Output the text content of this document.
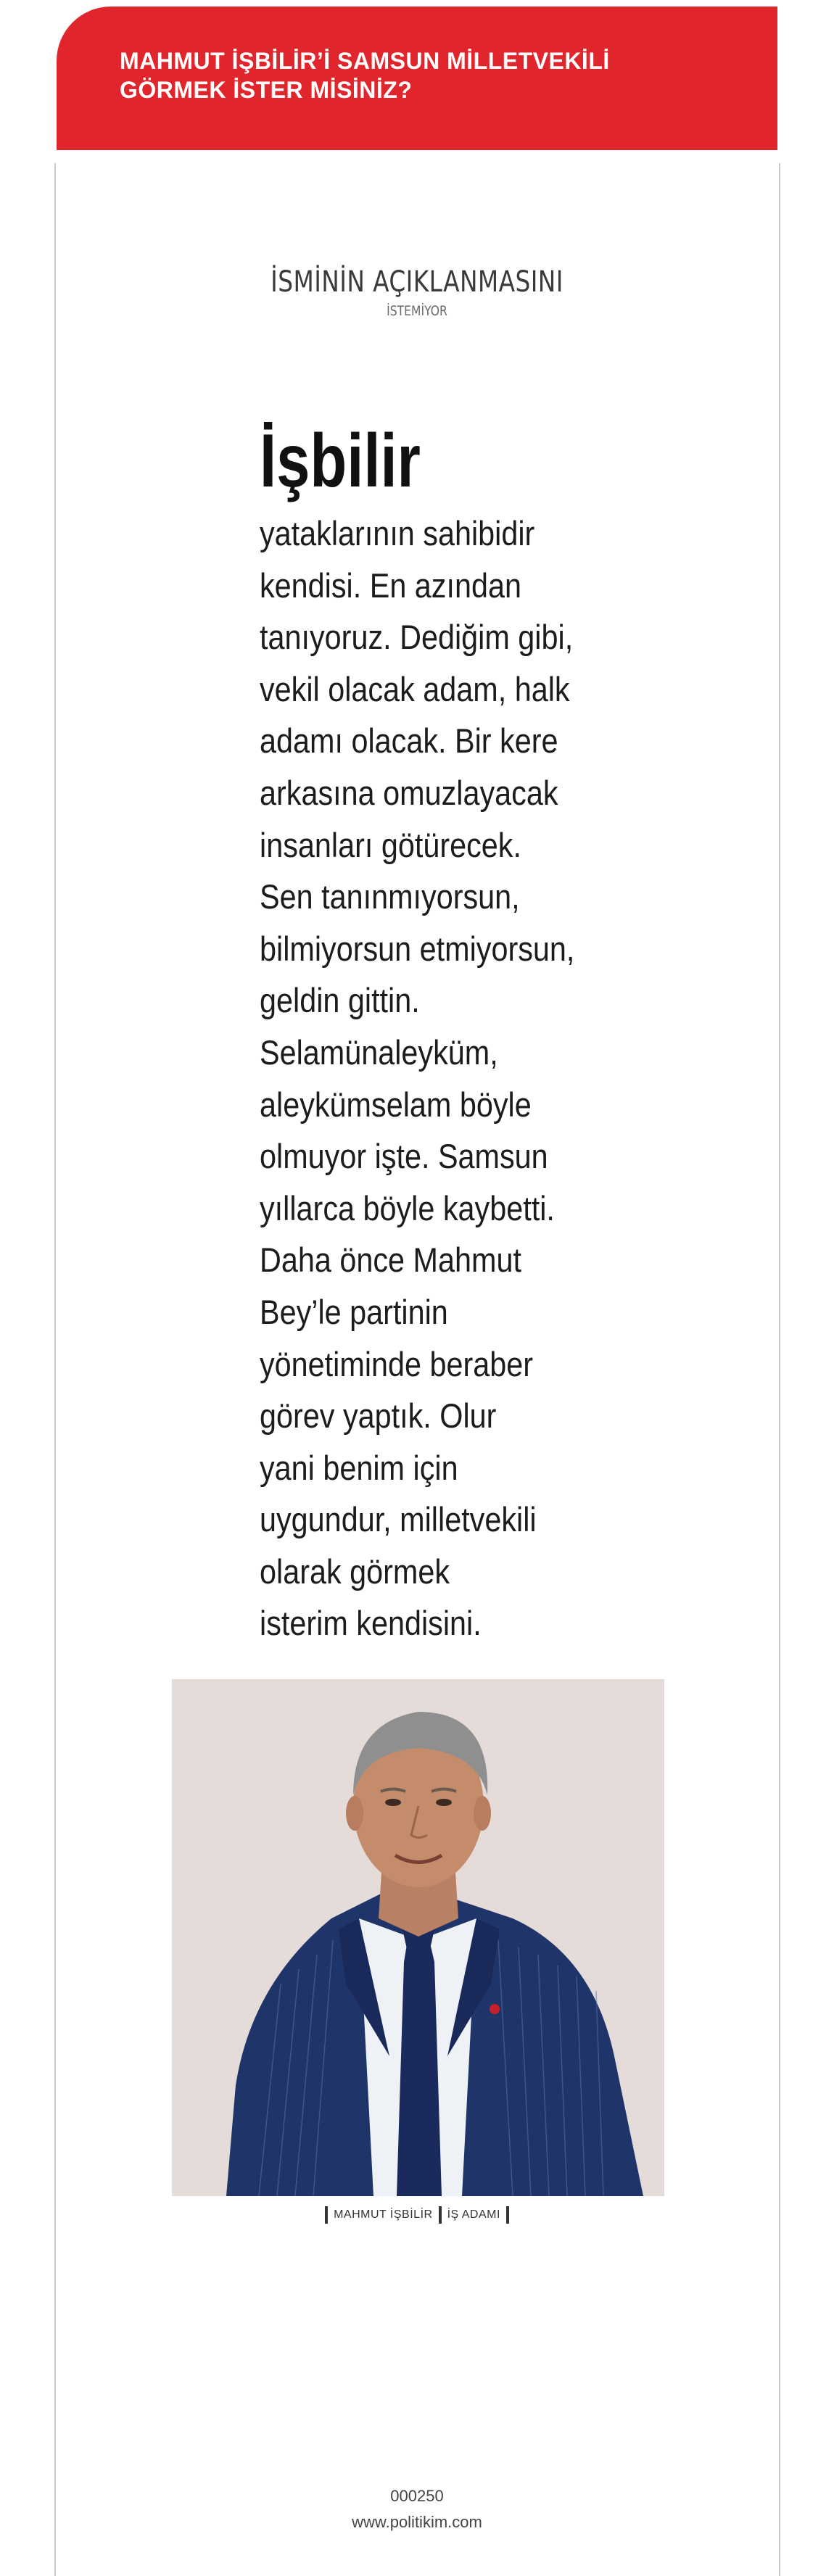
MAHMUT İŞBİLİR’İ SAMSUN MİLLETVEKİLİ
GÖRMEK İSTER MİSİNİZ?
İSMİNİN AÇIKLANMASINI
İSTEMİYOR
İşbilir

yataklarının sahibidir
kendisi. En azından
tanıyoruz. Dediğim gibi,
vekil olacak adam, halk
adamı olacak. Bir kere
arkasına omuzlayacak
insanları götürecek.
Sen tanınmıyorsun,
bilmiyorsun etmiyorsun,
geldin gittin.
Selamünaleyküm,
aleykümselam böyle
olmuyor işte. Samsun
yıllarca böyle kaybetti.
Daha önce Mahmut
Bey’le partinin
yönetiminde beraber
görev yaptık. Olur
yani benim için
uygundur, milletvekili
olarak görmek
isterim kendisini.

MAHMUT İŞBİLİR İŞ ADAMI
000250
www.politikim.com
